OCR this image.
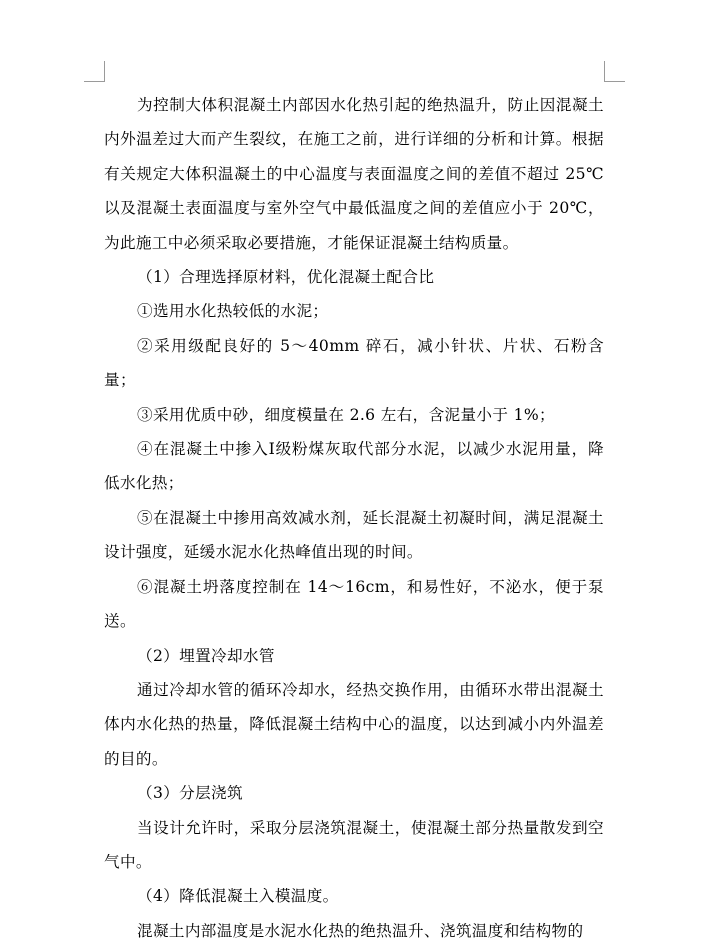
为控制大体积混凝土内部因水化热引起的绝热温升，防止因混凝土内外温差过大而产生裂纹，在施工之前，进行详细的分析和计算。根据有关规定大体积温凝土的中心温度与表面温度之间的差值不超过 25℃以及混凝土表面温度与室外空气中最低温度之间的差值应小于 20℃，为此施工中必须采取必要措施，才能保证混凝土结构质量。

（1）合理选择原材料，优化混凝土配合比

①选用水化热较低的水泥；

②采用级配良好的 5～40mm 碎石，减小针状、片状、石粉含量；

③采用优质中砂，细度模量在 2.6 左右，含泥量小于 1%；

④在混凝土中掺入Ⅰ级粉煤灰取代部分水泥，以减少水泥用量，降低水化热；

⑤在混凝土中掺用高效减水剂，延长混凝土初凝时间，满足混凝土设计强度，延缓水泥水化热峰值出现的时间。

⑥混凝土坍落度控制在 14～16cm，和易性好，不泌水，便于泵送。

（2）埋置冷却水管

通过冷却水管的循环冷却水，经热交换作用，由循环水带出混凝土体内水化热的热量，降低混凝土结构中心的温度，以达到减小内外温差的目的。

（3）分层浇筑

当设计允许时，采取分层浇筑混凝土，使混凝土部分热量散发到空气中。

（4）降低混凝土入模温度。

混凝土内部温度是水泥水化热的绝热温升、浇筑温度和结构物的
